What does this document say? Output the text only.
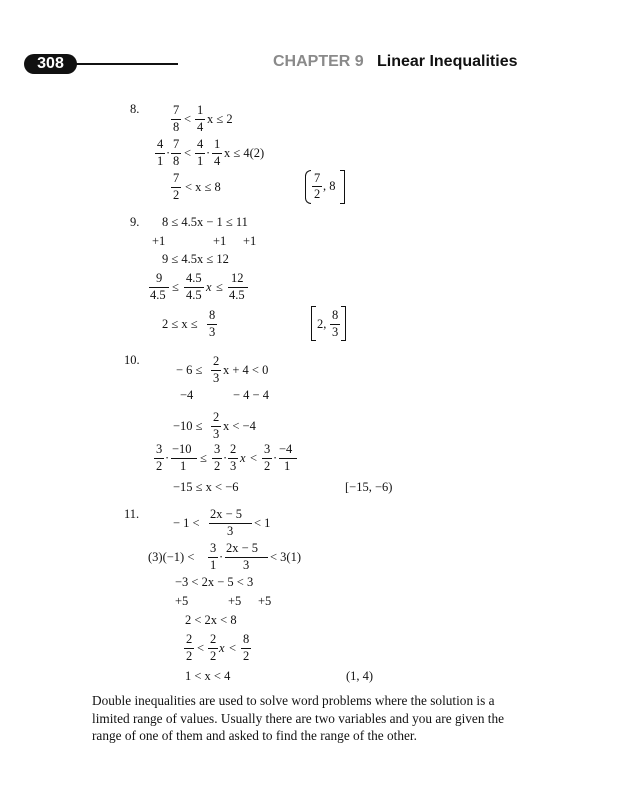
308	CHAPTER 9 Linear Inequalities
8.	7
8
<
1
4
x ≤ 2
4
1
·
7
8
<
4
1
·
1
4
x ≤ 4(2)
7
2
< x ≤ 8
7
2
, 8
9. 8 ≤ 4.5x − 1 ≤ 11
+1	+1 +1
9 ≤ 4.5x ≤ 12
9
4.5
≤
4.5
4.5
x ≤
12
4.5
2 ≤ x ≤
8
3
2,
8
3
10.
− 6 ≤
2
3
x + 4 < 0
−4	− 4 − 4
−10 ≤
2
3
x < −4
3
2
·
−10
1
≤
3
2
·
2
3
x <
3
2
·
−4
1
−15 ≤ x < −6	[−15, −6)
11.
− 1 <
2x − 5
3
< 1
(3)(−1) <
3
1
·
2x − 5
3
< 3(1)
−3 < 2x − 5 < 3
+5	+5 +5
2 < 2x < 8
2
2
<
2
2
x <
8
2
1 < x < 4	(1, 4)
Double inequalities are used to solve word problems where the solution is a limited range of values. Usually there are two variables and you are given the range of one of them and asked to find the range of the other.
